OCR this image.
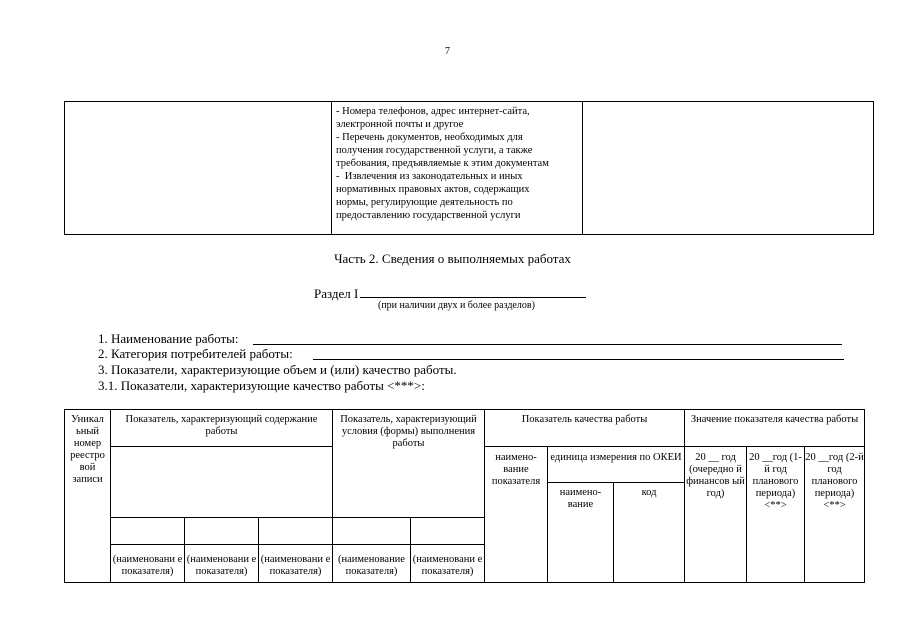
7

- Номера телефонов, адрес интернет-сайта,
электронной почты и другое
- Перечень документов, необходимых для
получения государственной услуги, а также
требования, предъявляемые к этим документам
-  Извлечения из законодательных и иных
нормативных правовых актов, содержащих
нормы, регулирующие деятельность по
предоставлению государственной услуги

Часть 2. Сведения о выполняемых работах
Раздел I
(при наличии двух и более разделов)
1. Наименование работы:
2. Категория потребителей работы:
3. Показатели, характеризующие объем и (или) качество работы.
3.1. Показатели, характеризующие качество работы <***>:
Уникал ьный номер реестро вой записи	Показатель, характеризующий содержание работы			Показатель, характеризующий условия (формы) выполнения работы		Показатель качества работы			Значение показателя качества работы		
						наимено- вание показателя	единица измерения по ОКЕИ		20 __ год (очередно й финансов ый год)	20 __год (1-й год планового периода) <**>	20 __год (2-й год планового периода) <**>
							наимено- вание	код			

	(наименовани е показателя)	(наименовани е показателя)	(наименовани е показателя)	(наименование показателя)	(наименовани е показателя)						
